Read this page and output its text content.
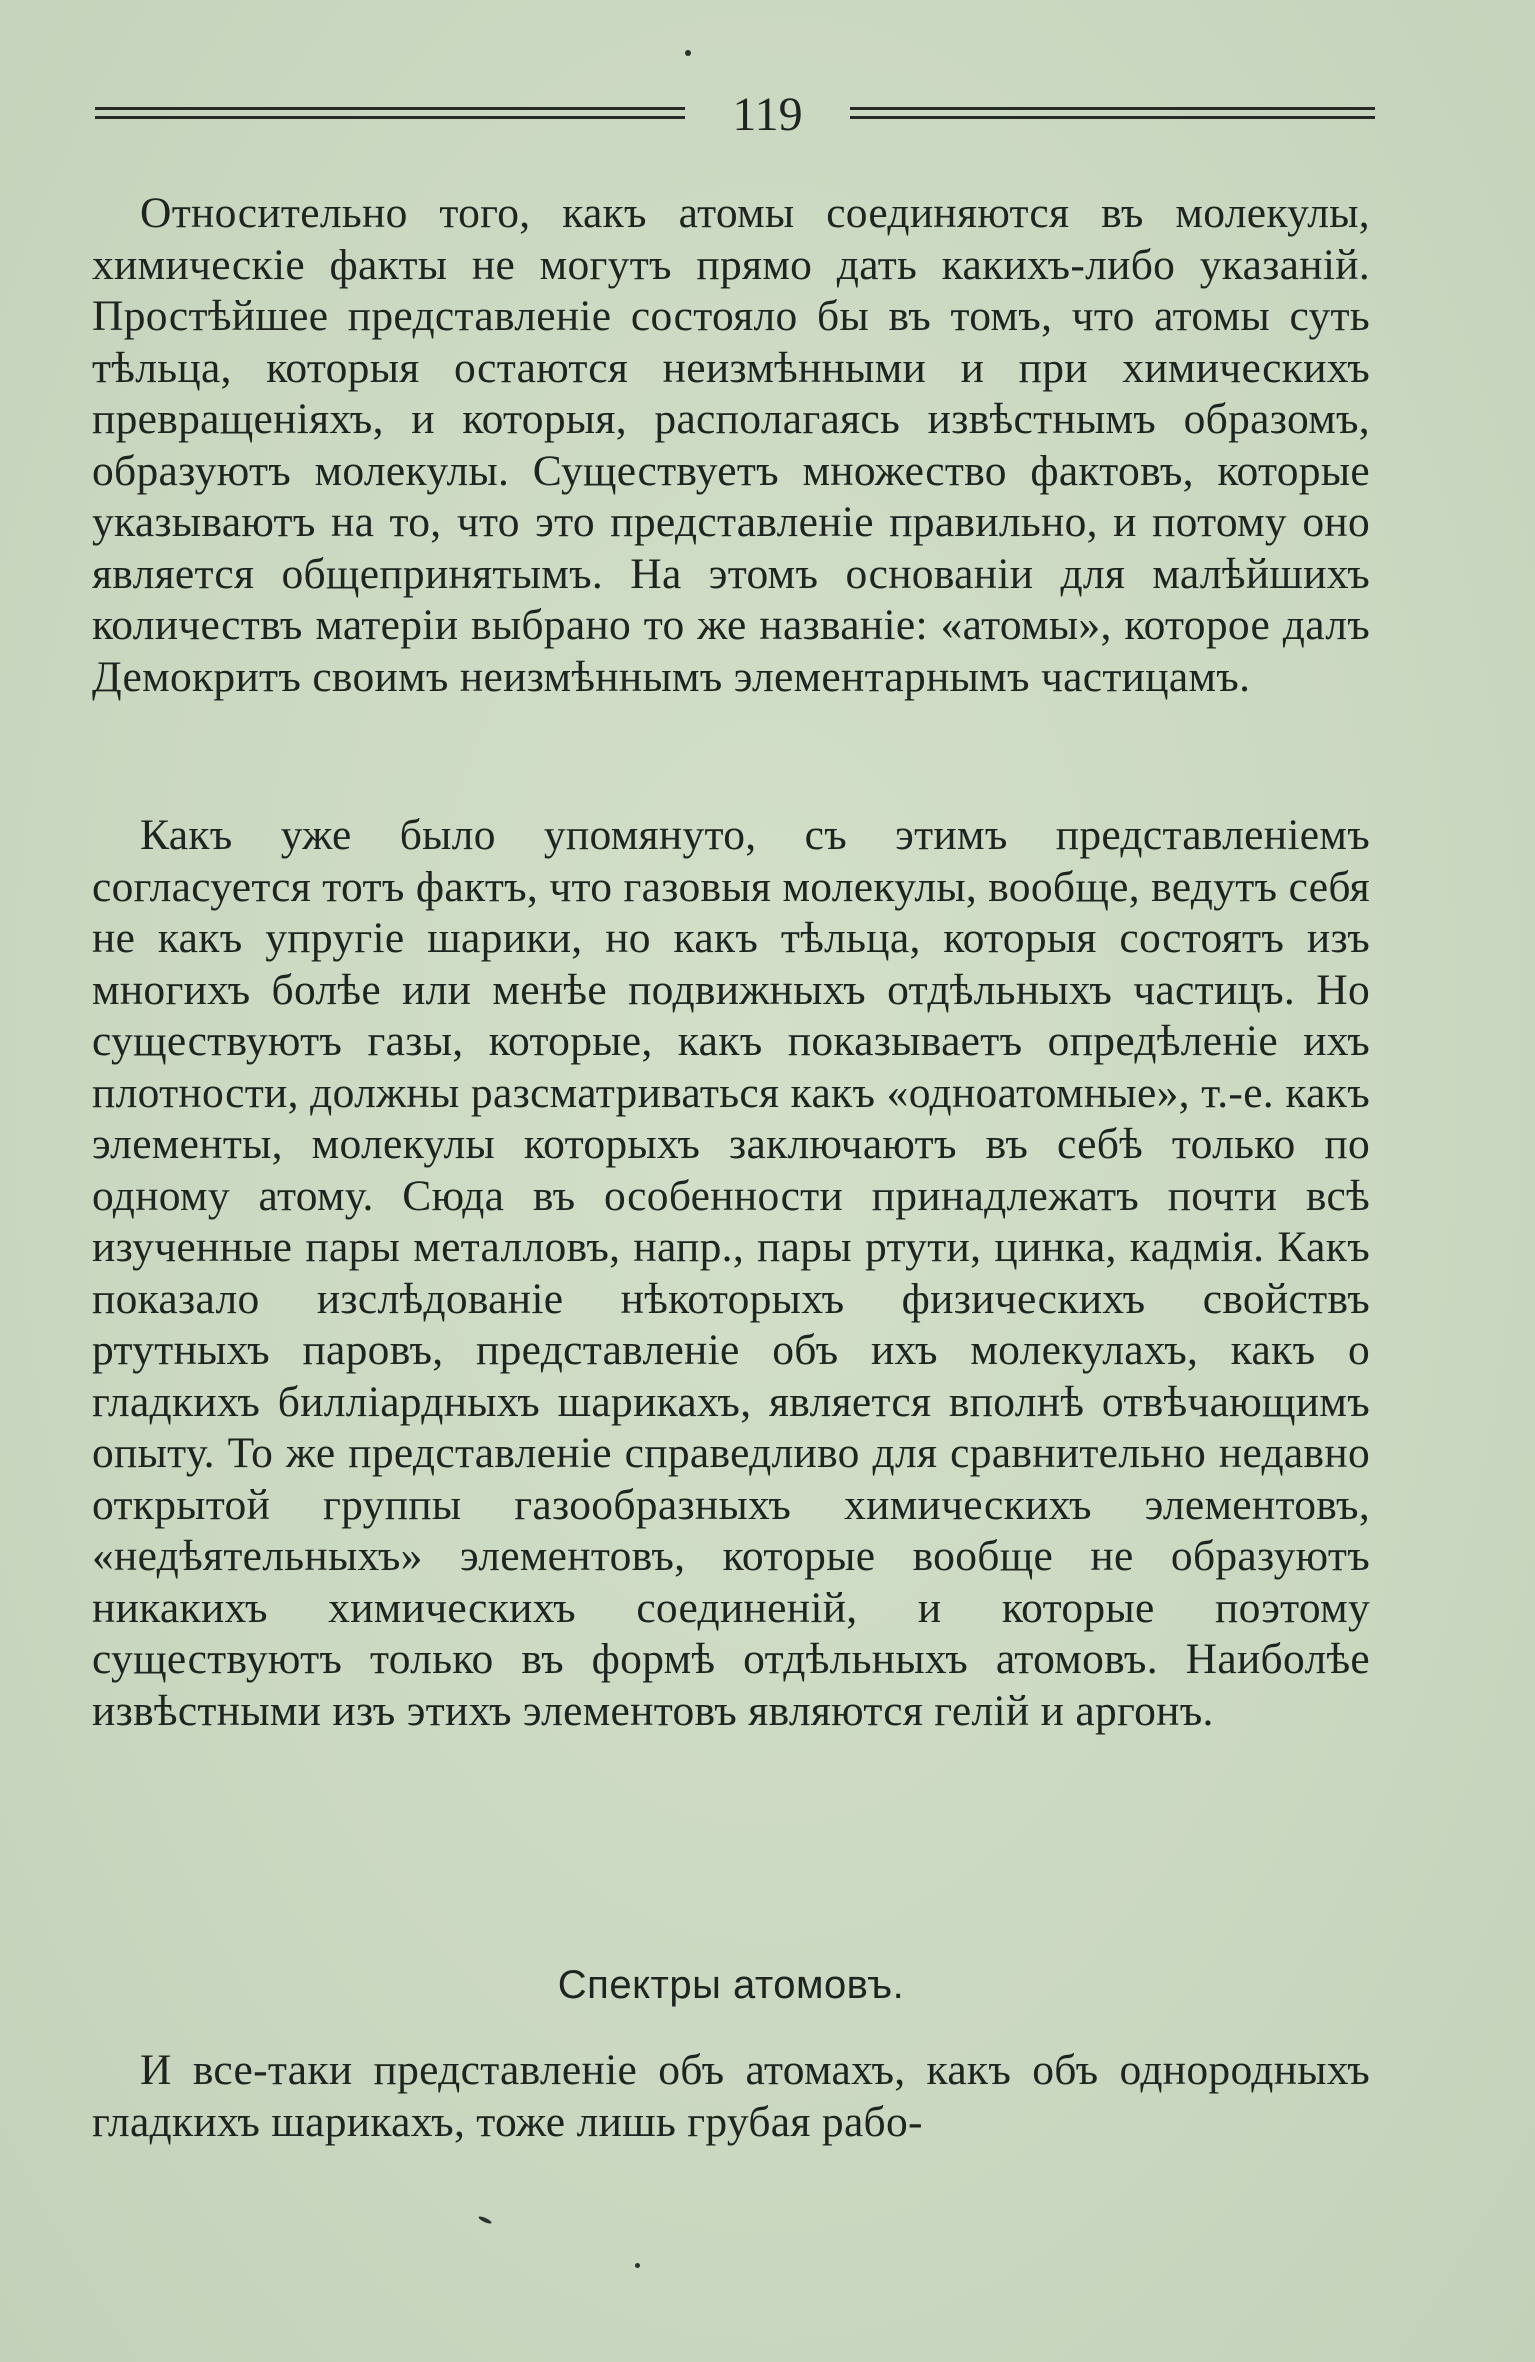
119

Относительно того, какъ атомы соединяются въ молекулы, химическіе факты не могутъ прямо дать какихъ-либо указаній. Простѣйшее представленіе состояло бы въ томъ, что атомы суть тѣльца, которыя остаются неизмѣнными и при химическихъ превращеніяхъ, и которыя, располагаясь извѣстнымъ образомъ, образуютъ молекулы. Существуетъ множество фактовъ, которые указываютъ на то, что это представленіе правильно, и потому оно является общепринятымъ. На этомъ основаніи для малѣйшихъ количествъ матеріи выбрано то же названіе: «атомы», которое далъ Демокритъ своимъ неизмѣннымъ элементарнымъ частицамъ.

Какъ уже было упомянуто, съ этимъ представленіемъ согласуется тотъ фактъ, что газовыя молекулы, вообще, ведутъ себя не какъ упругіе шарики, но какъ тѣльца, которыя состоятъ изъ многихъ болѣе или менѣе подвижныхъ отдѣльныхъ частицъ. Но существуютъ газы, которые, какъ показываетъ опредѣленіе ихъ плотности, должны разсматриваться какъ «одноатомные», т.-е. какъ элементы, молекулы которыхъ заключаютъ въ себѣ только по одному атому. Сюда въ особенности принадлежатъ почти всѣ изученные пары металловъ, напр., пары ртути, цинка, кадмія. Какъ показало изслѣдованіе нѣкоторыхъ физическихъ свойствъ ртутныхъ паровъ, представленіе объ ихъ молекулахъ, какъ о гладкихъ билліардныхъ шарикахъ, является вполнѣ отвѣчающимъ опыту. То же представленіе справедливо для сравнительно недавно открытой группы газообразныхъ химическихъ элементовъ, «недѣятельныхъ» элементовъ, которые вообще не образуютъ никакихъ химическихъ соединеній, и которые поэтому существуютъ только въ формѣ отдѣльныхъ атомовъ. Наиболѣе извѣстными изъ этихъ элементовъ являются гелій и аргонъ.

Спектры атомовъ.

И все-таки представленіе объ атомахъ, какъ объ однородныхъ гладкихъ шарикахъ, тоже лишь грубая рабо-
